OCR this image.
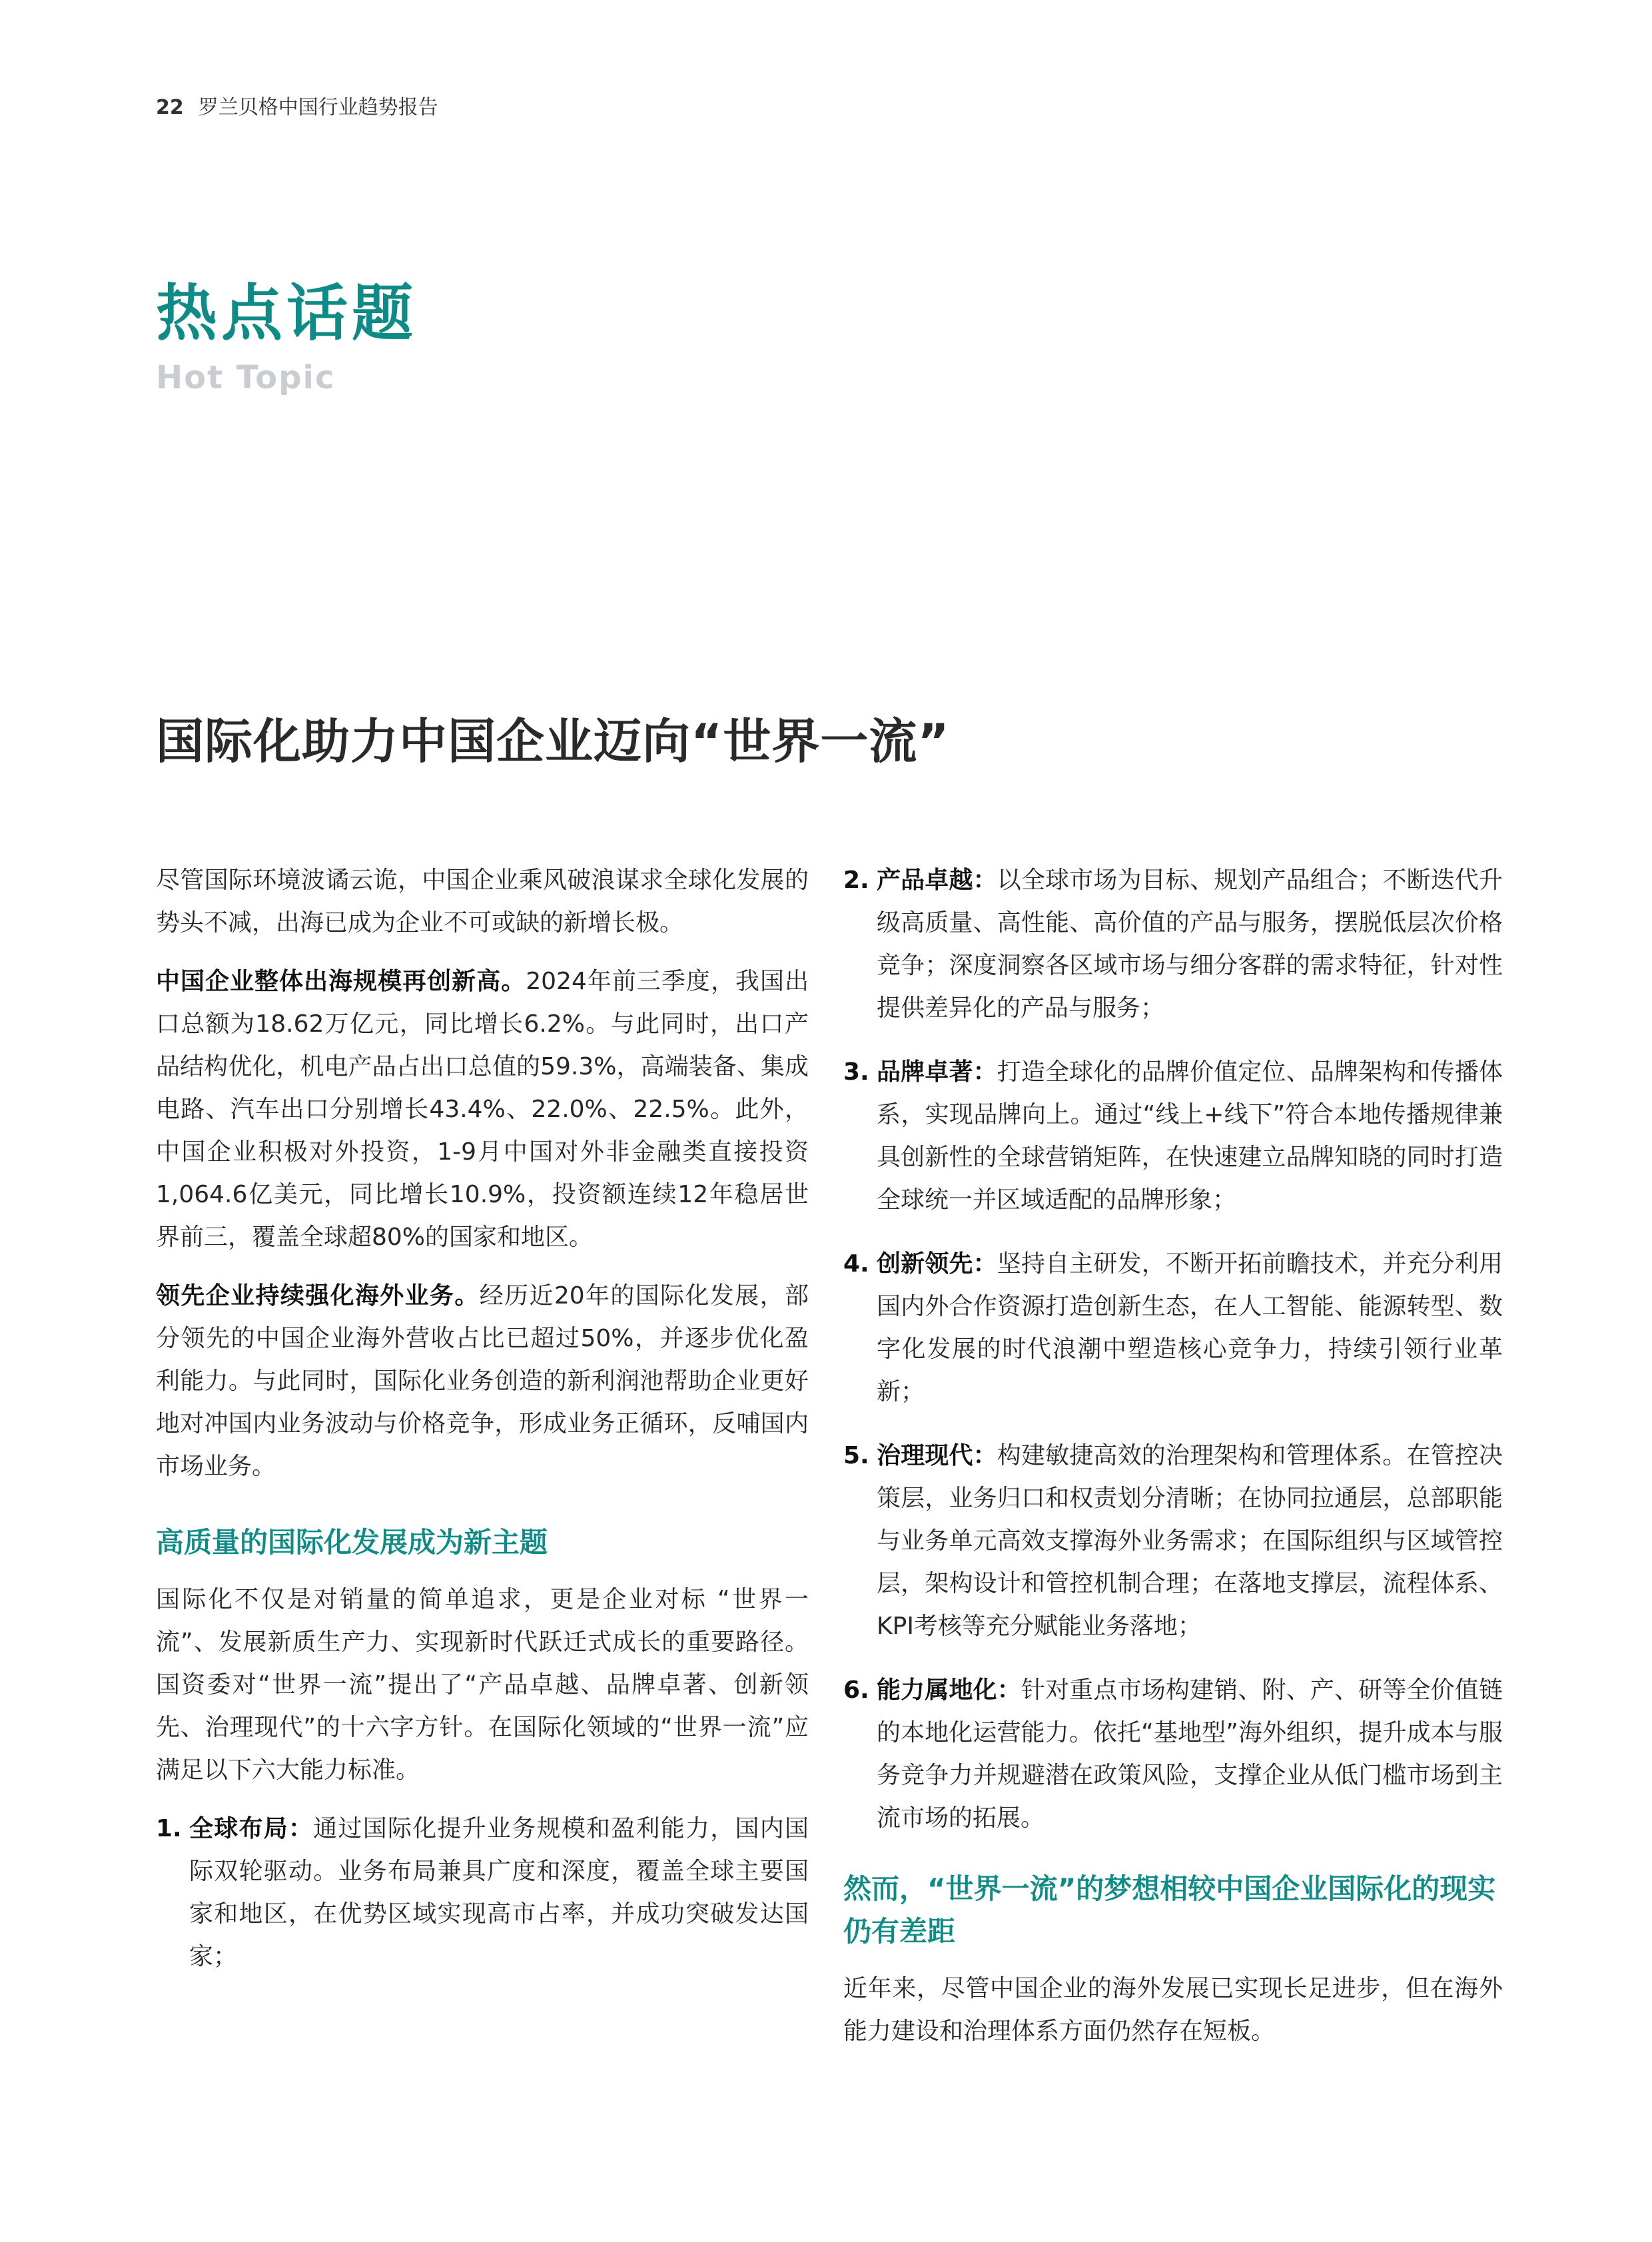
22 罗兰贝格中国行业趋势报告
热点话题
Hot Topic
国际化助力中国企业迈向“世界一流”

尽管国际环境波谲云诡，中国企业乘风破浪谋求全球化发展的势头不减，出海已成为企业不可或缺的新增长极。

中国企业整体出海规模再创新高。2024年前三季度，我国出口总额为18.62万亿元，同比增长6.2%。与此同时，出口产品结构优化，机电产品占出口总值的59.3%，高端装备、集成电路、汽车出口分别增长43.4%、22.0%、22.5%。此外，中国企业积极对外投资，1-9月中国对外非金融类直接投资1,064.6亿美元，同比增长10.9%，投资额连续12年稳居世界前三，覆盖全球超80%的国家和地区。

领先企业持续强化海外业务。经历近20年的国际化发展，部分领先的中国企业海外营收占比已超过50%，并逐步优化盈利能力。与此同时，国际化业务创造的新利润池帮助企业更好地对冲国内业务波动与价格竞争，形成业务正循环，反哺国内市场业务。

高质量的国际化发展成为新主题

国际化不仅是对销量的简单追求，更是企业对标 “世界一流”、发展新质生产力、实现新时代跃迁式成长的重要路径。国资委对“世界一流”提出了“产品卓越、品牌卓著、创新领先、治理现代”的十六字方针。在国际化领域的“世界一流”应满足以下六大能力标准。

1. 全球布局：通过国际化提升业务规模和盈利能力，国内国际双轮驱动。业务布局兼具广度和深度，覆盖全球主要国家和地区，在优势区域实现高市占率，并成功突破发达国家；
2. 产品卓越：以全球市场为目标、规划产品组合；不断迭代升级高质量、高性能、高价值的产品与服务，摆脱低层次价格竞争；深度洞察各区域市场与细分客群的需求特征，针对性提供差异化的产品与服务；
3. 品牌卓著：打造全球化的品牌价值定位、品牌架构和传播体系，实现品牌向上。通过“线上+线下”符合本地传播规律兼具创新性的全球营销矩阵，在快速建立品牌知晓的同时打造全球统一并区域适配的品牌形象；
4. 创新领先：坚持自主研发，不断开拓前瞻技术，并充分利用国内外合作资源打造创新生态，在人工智能、能源转型、数字化发展的时代浪潮中塑造核心竞争力，持续引领行业革新；
5. 治理现代：构建敏捷高效的治理架构和管理体系。在管控决策层，业务归口和权责划分清晰；在协同拉通层，总部职能与业务单元高效支撑海外业务需求；在国际组织与区域管控层，架构设计和管控机制合理；在落地支撑层，流程体系、KPI考核等充分赋能业务落地；
6. 能力属地化：针对重点市场构建销、附、产、研等全价值链的本地化运营能力。依托“基地型”海外组织，提升成本与服务竞争力并规避潜在政策风险，支撑企业从低门槛市场到主流市场的拓展。
然而，“世界一流”的梦想相较中国企业国际化的现实仍有差距

近年来，尽管中国企业的海外发展已实现长足进步，但在海外能力建设和治理体系方面仍然存在短板。
